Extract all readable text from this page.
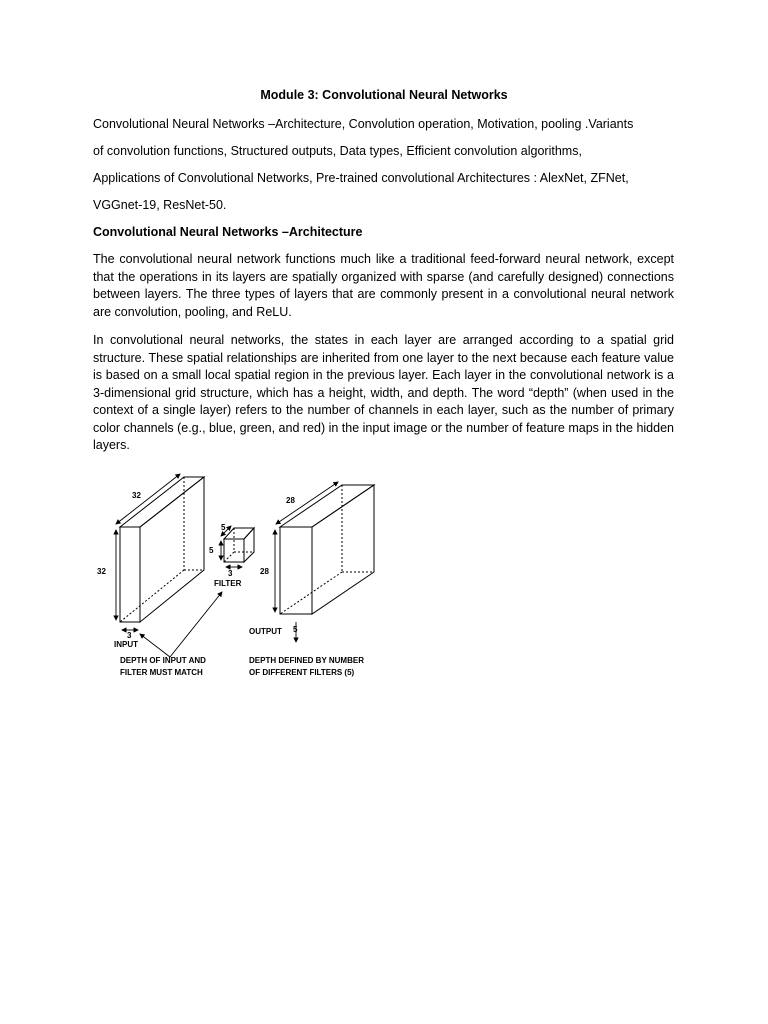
Module 3: Convolutional Neural Networks
Convolutional Neural Networks –Architecture, Convolution operation, Motivation, pooling .Variants
of convolution functions, Structured outputs, Data types, Efficient convolution algorithms,
Applications of Convolutional Networks, Pre-trained convolutional Architectures : AlexNet, ZFNet,
VGGnet-19, ResNet-50.
Convolutional Neural Networks –Architecture
The convolutional neural network functions much like a traditional feed-forward neural network, except that the operations in its layers are spatially organized with sparse (and carefully designed) connections between layers. The three types of layers that are commonly present in a convolutional neural network are convolution, pooling, and ReLU.
In convolutional neural networks, the states in each layer are arranged according to a spatial grid structure. These spatial relationships are inherited from one layer to the next because each feature value is based on a small local spatial region in the previous layer. Each layer in the convolutional network is a 3-dimensional grid structure, which has a height, width, and depth. The word “depth” (when used in the context of a single layer) refers to the number of channels in each layer, such as the number of primary color channels (e.g., blue, green, and red) in the input image or the number of feature maps in the hidden layers.
32
32
3
INPUT
5
5
3
FILTER
28
28
5
OUTPUT
DEPTH OF INPUT AND
FILTER MUST MATCH
DEPTH DEFINED BY NUMBER
OF DIFFERENT FILTERS (5)
